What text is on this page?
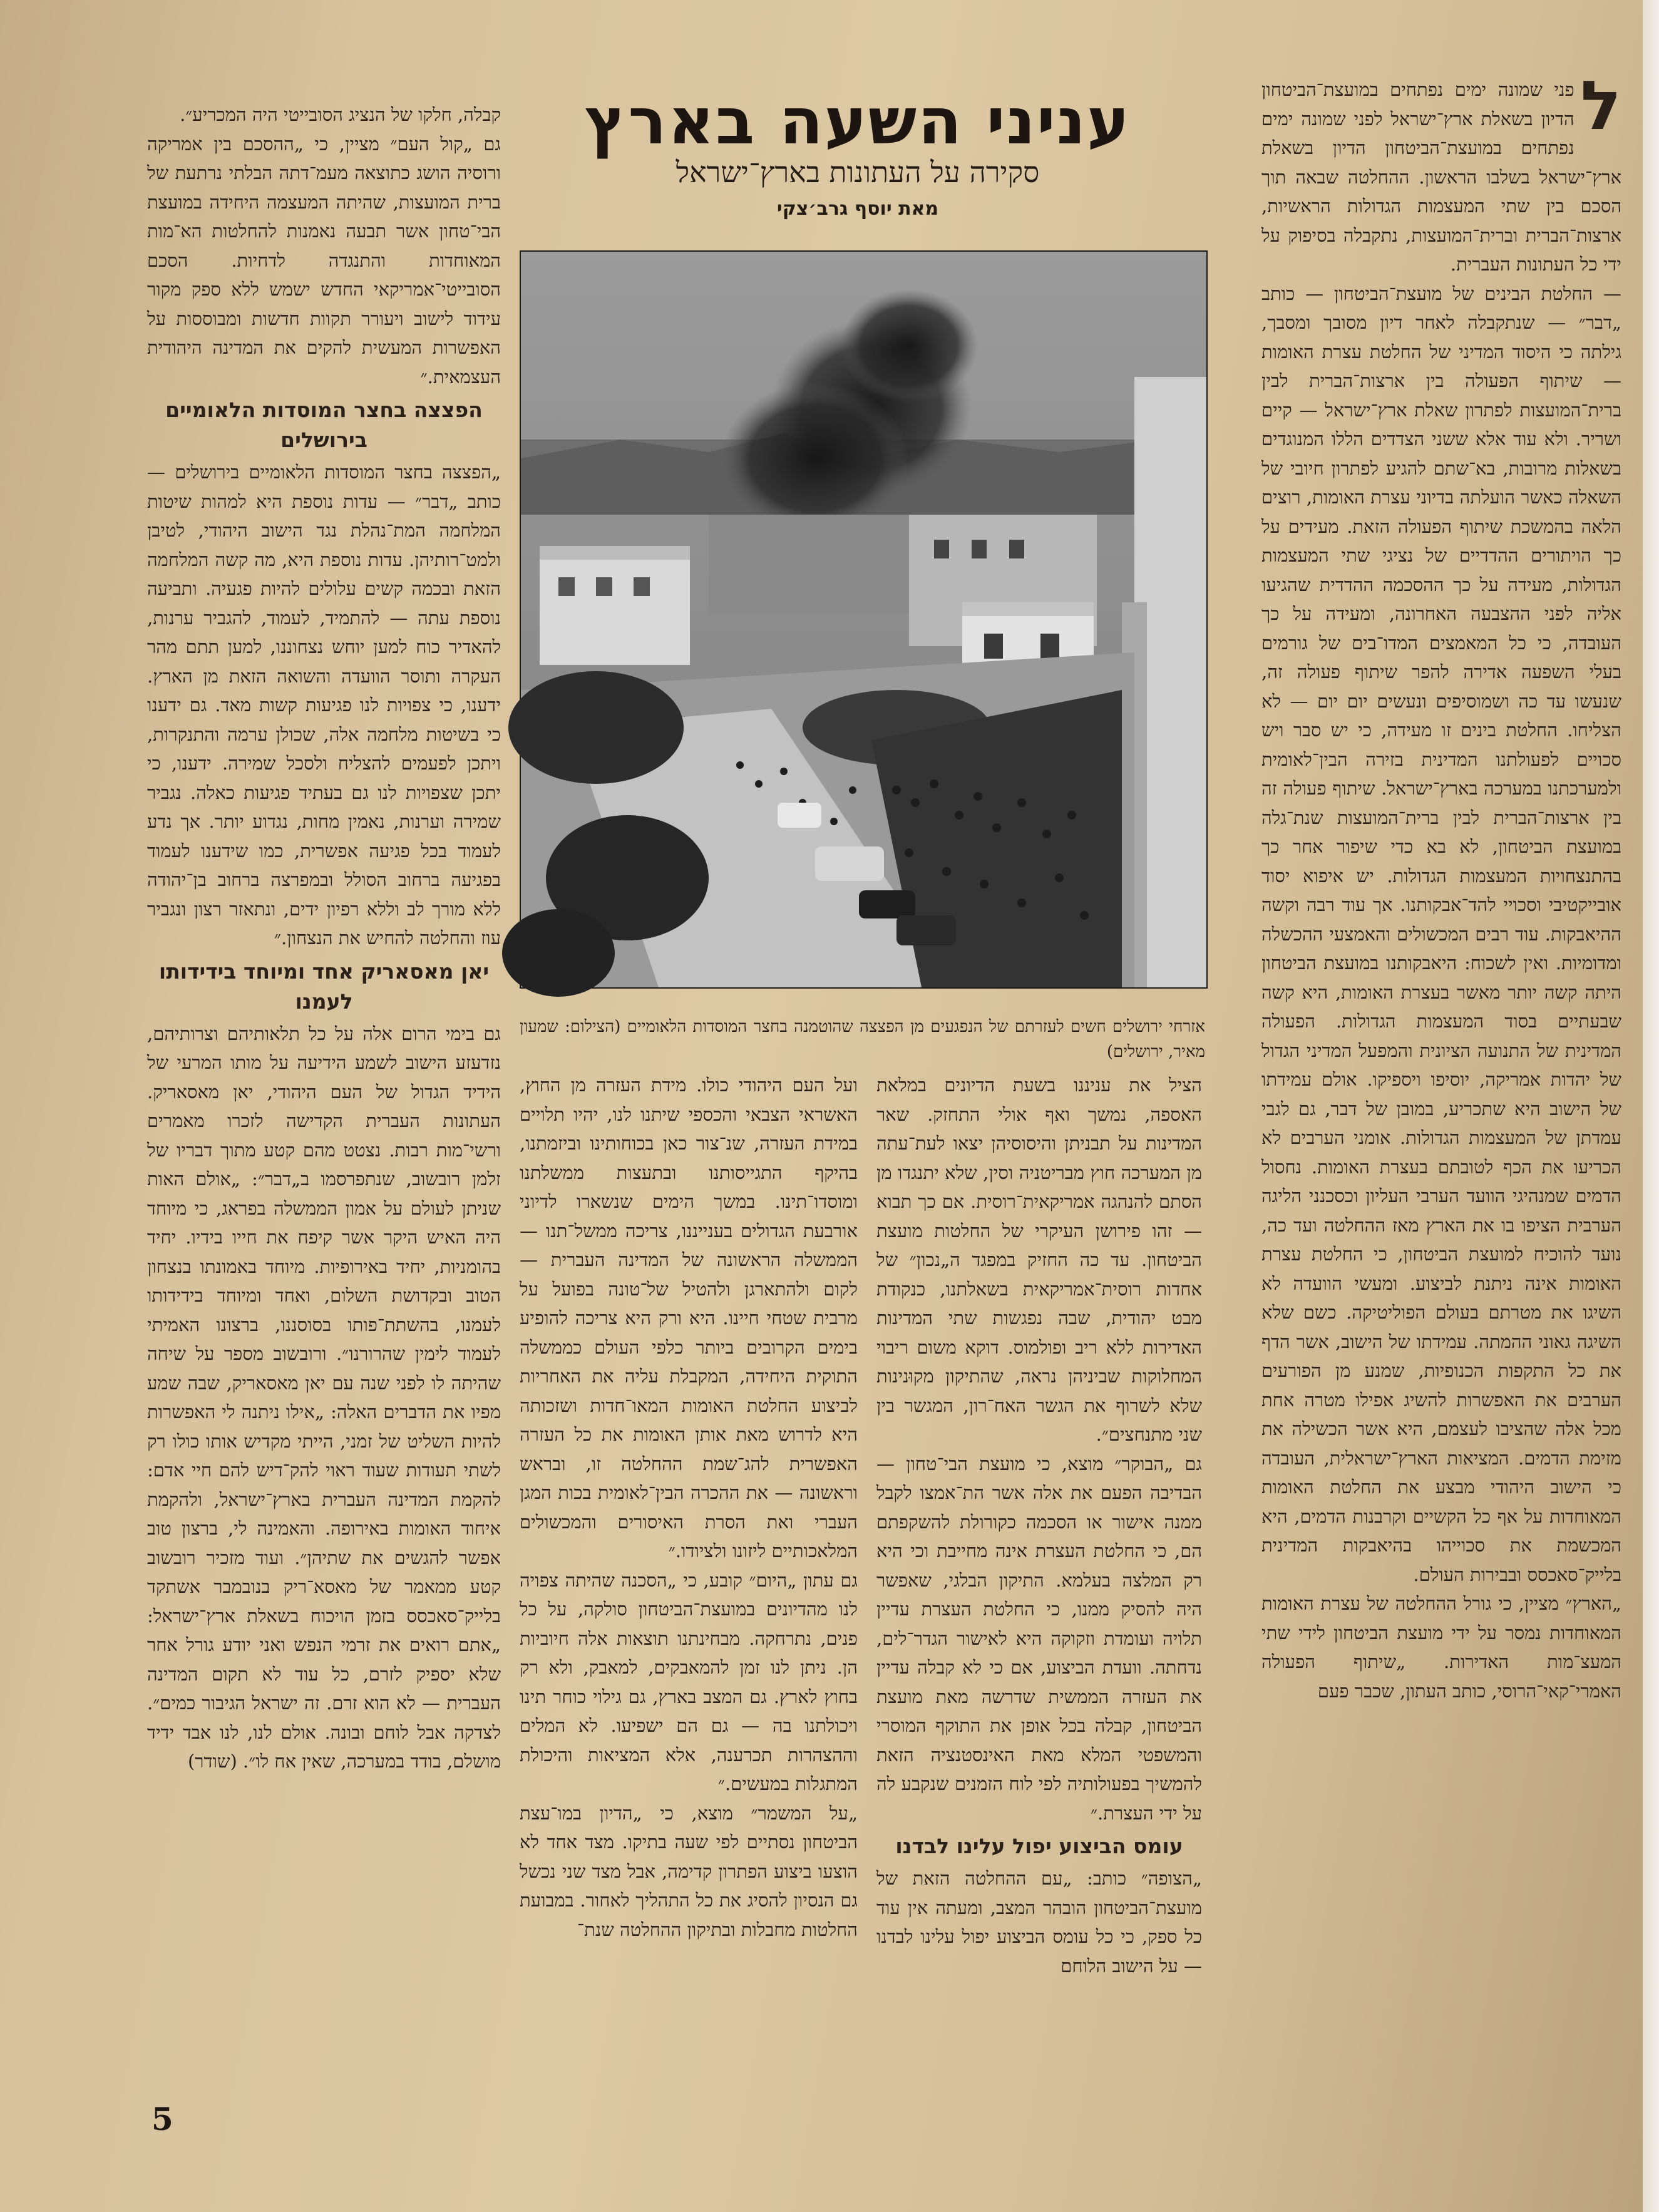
ל

פני שמונה ימים נפתחים במועצת־הביטחון הדיון בשאלת ארץ־ישראל לפני שמונה ימים נפתחים במועצת־הביטחון הדיון בשאלת ארץ־ישראל בשלבו הראשון. ההחלטה שבאה תוך הסכם בין שתי המעצמות הגדולות הראשיות, ארצות־הברית וברית־המועצות, נתקבלה בסיפוק על ידי כל העתונות העברית.

— החלטת הבינים של מועצת־הביטחון — כותב „דבר״ — שנתקבלה לאחר דיון מסובך ומסבך, גילתה כי היסוד המדיני של החלטת עצרת האומות — שיתוף הפעולה בין ארצות־הברית לבין ברית־המועצות לפתרון שאלת ארץ־ישראל — קיים ושריר. ולא עוד אלא ששני הצדדים הללו המנוגדים בשאלות מרובות, בא־שתם להגיע לפתרון חיובי של השאלה כאשר הועלתה בדיוני עצרת האומות, רוצים הלאה בהמשכת שיתוף הפעולה הזאת. מעידים על כך הויתורים ההדדיים של נציגי שתי המעצמות הגדולות, מעידה על כך ההסכמה ההדדית שהגיעו אליה לפני ההצבעה האחרונה, ומעידה על כך העובדה, כי כל המאמצים המדו־בים של גורמים בעלי השפעה אדירה להפר שיתוף פעולה זה, שנעשו עד כה ושמוסיפים ונעשים יום יום — לא הצליחו. החלטת בינים זו מעידה, כי יש סבר ויש סכויים לפעולתנו המדינית בזירה הבין־לאומית ולמערכתנו במערכה בארץ־ישראל. שיתוף פעולה זה בין ארצות־הברית לבין ברית־המועצות שנת־גלה במועצת הביטחון, לא בא כדי שיפור אחר כך בהתנצחויות המעצמות הגדולות. יש איפוא יסוד אובייקטיבי וסכויי להד־אבקותנו. אך עוד רבה וקשה ההיאבקות. עוד רבים המכשולים והאמצעי ההכשלה ומדומיות. ואין לשכוח: היאבקותנו במועצת הביטחון היתה קשה יותר מאשר בעצרת האומות, היא קשה שבעתיים בסוד המעצמות הגדולות. הפעולה המדינית של התנועה הציונית והמפעל המדיני הגדול של יהדות אמריקה, יוסיפו ויספיקו. אולם עמידתו של הישוב היא שתכריע, במובן של דבר, גם לגבי עמדתן של המעצמות הגדולות. אומני הערבים לא הכריעו את הכף לטובתם בעצרת האומות. נחסול הדמים שמנהיגי הוועד הערבי העליון וכסכנני הליגה הערבית הציפו בו את הארץ מאז ההחלטה ועד כה, נועד להוכיח למועצת הביטחון, כי החלטת עצרת האומות אינה ניתנת לביצוע. ומעשי הוועדה לא השיגו את מטרתם בעולם הפוליטיקה. כשם שלא השיגה גאוני ההמתה. עמידתו של הישוב, אשר הדף את כל התקפות הכנופיות, שמנע מן הפורעים הערבים את האפשרות להשיג אפילו מטרה אחת מכל אלה שהציבו לעצמם, היא אשר הכשילה את מזימת הדמים. המציאות הארץ־ישראלית, העובדה כי הישוב היהודי מבצע את החלטת האומות המאוחדות על אף כל הקשיים וקרבנות הדמים, היא המכשמת את סכוייהו בהיאבקות המדינית בלייק־סאכסס ובבירות העולם.

„הארץ״ מציין, כי גורל ההחלטה של עצרת האומות המאוחדות נמסר על ידי מועצת הביטחון לידי שתי המעצ־מות האדירות. „שיתוף הפעולה האמרי־קאי־הרוסי, כותב העתון, שכבר פעם

עניני השעה בארץ
סקירה על העתונות בארץ־ישראל
מאת יוסף גרב׳צקי
אזרחי ירושלים חשים לעזרתם של הנפגעים מן הפצצה שהוטמנה בחצר המוסדות הלאומיים (הצילום: שמעון מאיר, ירושלים)

הציל את עניננו בשעת הדיונים במלאת האספה, נמשך ואף אולי התחזק. שאר המדינות על תבניתן והיסוסיהן יצאו לעת־עתה מן המערכה חוץ מבריטניה וסין, שלא יתנגדו מן הסתם להנהגה אמריקאית־רוסית. אם כך תבוא — זהו פירושן העיקרי של החלטות מועצת הביטחון. עד כה החזיק במפגד ה„נכון״ של אחדות רוסית־אמריקאית בשאלתנו, כנקודת מבט יהודית, שבה נפגשות שתי המדינות האדירות ללא ריב ופולמוס. דוקא משום ריבוי המחלוקות שביניהן נראה, שהתיקון מקוּנינות שלא לשרוף את הגשר האח־רון, המגשר בין שני מתנחצים״.

גם „הבוקר״ מוצא, כי מועצת הבי־טחון — הבדיבה הפעם את אלה אשר הת־אמצו לקבל ממנה אישור או הסכמה כקורולת להשקפתם הם, כי החלטת העצרת אינה מחייבת וכי היא רק המלצה בעלמא. התיקון הבלגי, שאפשר היה להסיק ממנו, כי החלטת העצרת עדיין תלויה ועומדת וזקוקה היא לאישור הגדר־לים, נדחתה. וועדת הביצוע, אם כי לא קבלה עדיין את העזרה הממשית שדרשה מאת מועצת הביטחון, קבלה בכל אופן את התוקף המוסרי והמשפטי המלא מאת האינסטנציה הזאת להמשיך בפעולותיה לפי לוח הזמנים שנקבע לה על ידי העצרת.״

עומס הביצוע יפול עלינו לבדנו

„הצופה״ כותב: „עם ההחלטה הזאת של מועצת־הביטחון הובהר המצב, ומעתה אין עוד כל ספק, כי כל עומס הביצוע יפול עלינו לבדנו — על הישוב הלוחם

ועל העם היהודי כולו. מידת העזרה מן החוץ, האשראי הצבאי והכספי שיתנו לנו, יהיו תלויים במידת העזרה, שנ־צור כאן בכוחותינו וביזמתנו, בהיקף התגייסותנו ובתעצות ממשלתנו ומוסדו־תינו. במשך הימים שנשארו לדיוני אורבעת הגדולים בענייננו, צריכה ממשל־תנו — הממשלה הראשונה של המדינה העברית — לקום ולהתארגן ולהטיל של־טונה בפועל על מרבית שטחי חיינו. היא ורק היא צריכה להופיע בימים הקרובים ביותר כלפי העולם כממשלה התוקית היחידה, המקבלת עליה את האחריות לביצוע החלטת האומות המאו־חדות ושזכותה היא לדרוש מאת אותן האומות את כל העזרה האפשרית להג־שמת ההחלטה זו, ובראש וראשונה — את ההכרה הבין־לאומית בכות המגן העברי ואת הסרת האיסורים והמכשולים המלאכותיים ליזונו ולציודו.״

גם עתון „היום״ קובע, כי „הסכנה שהיתה צפויה לנו מהדיונים במועצת־הביטחון סולקה, על כל פנים, נתרחקה. מבחינתנו תוצאות אלה חיוביות הן. ניתן לנו זמן להמאבקים, למאבק, ולא רק בחוץ לארץ. גם המצב בארץ, גם גילוי כוחר תינו ויכולתנו בה — גם הם ישפיעו. לא המלים וההצהרות תכרענה, אלא המציאות והיכולת המתגלות במעשים.״

„על המשמר״ מוצא, כי „הדיון במו־עצת הביטחון נסתיים לפי שעה בתיקו. מצד אחד לא הוצעו ביצוע הפתרון קדימה, אבל מצד שני נכשל גם הנסיון להסיג את כל התהליך לאחור. במבועת החלטות מחבלות ובתיקון ההחלטה שנת־

קבלה, חלקו של הנציג הסובייטי היה המכריע״.

גם „קול העם״ מציין, כי „ההסכם בין אמריקה ורוסיה הושג כתוצאה מעמ־דתה הבלתי נרתעת של ברית המועצות, שהיתה המעצמה היחידה במועצת הבי־טחון אשר תבעה נאמנות להחלטות הא־מות המאוחדות והתנגדה לדחיות. הסכם הסובייטי־אמריקאי החדש ישמש ללא ספק מקור עידוד לישוב ויעורר תקוות חדשות ומבוססות על האפשרות המעשית להקים את המדינה היהודית העצמאית.״

הפצצה בחצר המוסדות הלאומיים בירושלים

„הפצצה בחצר המוסדות הלאומיים בירושלים — כותב „דבר״ — עדות נוספת היא למהות שיטות המלחמה המת־נהלת נגד הישוב היהודי, לטיבן ולמט־רותיהן. עדות נוספת היא, מה קשה המלחמה הזאת ובכמה קשים עלולים להיות פגעיה. ותביעה נוספת עתה — להתמיד, לעמוד, להגביר ערנות, להאדיר כוח למען יוחש נצחוננו, למען תתם מהר העקרה ותוסר הוועדה והשואה הזאת מן הארץ. ידענו, כי צפויות לנו פגיעות קשות מאד. גם ידענו כי בשיטות מלחמה אלה, שכולן ערמה והתנקרות, ויתכן לפעמים להצליח ולסכל שמירה. ידענו, כי יתכן שצפויות לנו גם בעתיד פגיעות כאלה. נגביר שמירה וערנות, נאמין מחות, נגדוע יותר. אך נדע לעמוד בכל פגיעה אפשרית, כמו שידענו לעמוד בפגיעה ברחוב הסולל ובמפרצה ברחוב בן־יהודה ללא מורך לב וללא רפיון ידים, ונתאזר רצון ונגביר עוז והחלטה להחיש את הנצחון.״

יאן מאסאריק אחד ומיוחד בידידותו לעמנו

גם בימי הרום אלה על כל תלאותיהם וצרותיהם, נזדעזע הישוב לשמע הידיעה על מותו המרעי של הידיד הגדול של העם היהודי, יאן מאסאריק. העתונות העברית הקדישה לזכרו מאמרים ורשי־מות רבות. נצטט מהם קטע מתוך דבריו של זלמן רובשוב, שנתפרסמו ב„דבר״: „אולם האות שניתן לעולם על אמון הממשלה בפראג, כי מיוחד היה האיש היקר אשר קיפח את חייו בידיו. יחיד בהומניות, יחיד באירופיות. מיוחד באמונתו בנצחון הטוב ובקדושת השלום, ואחד ומיוחד בידידותו לעמנו, בהשתת־פותו בסוסננו, ברצונו האמיתי לעמוד לימין שהרורנו״. ורובשוב מספר על שיחה שהיתה לו לפני שנה עם יאן מאסאריק, שבה שמע מפיו את הדברים האלה: „אילו ניתנה לי האפשרות להיות השליט של זמני, הייתי מקדיש אותו כולו רק לשתי תעודות שעוד ראוי להק־דיש להם חיי אדם: להקמת המדינה העברית בארץ־ישראל, ולהקמת איחוד האומות באירופה. והאמינה לי, ברצון טוב אפשר להגשים את שתיהן״. ועוד מזכיר רובשוב קטע ממאמר של מאסא־ריק בנובמבר אשתקד בלייק־סאכסס בזמן הויכוח בשאלת ארץ־ישראל: „אתם רואים את זרמי הנפש ואני יודע גורל אחר שלא יספיק לזרם, כל עוד לא תקום המדינה העברית — לא הוא זרם. זה ישראל הגיבור כמים״. לצדקה אבל לוחם ובונה. אולם לנו, לנו אבד ידיד מושלם, בודד במערכה, שאין אח לו״. (שודר)

5
